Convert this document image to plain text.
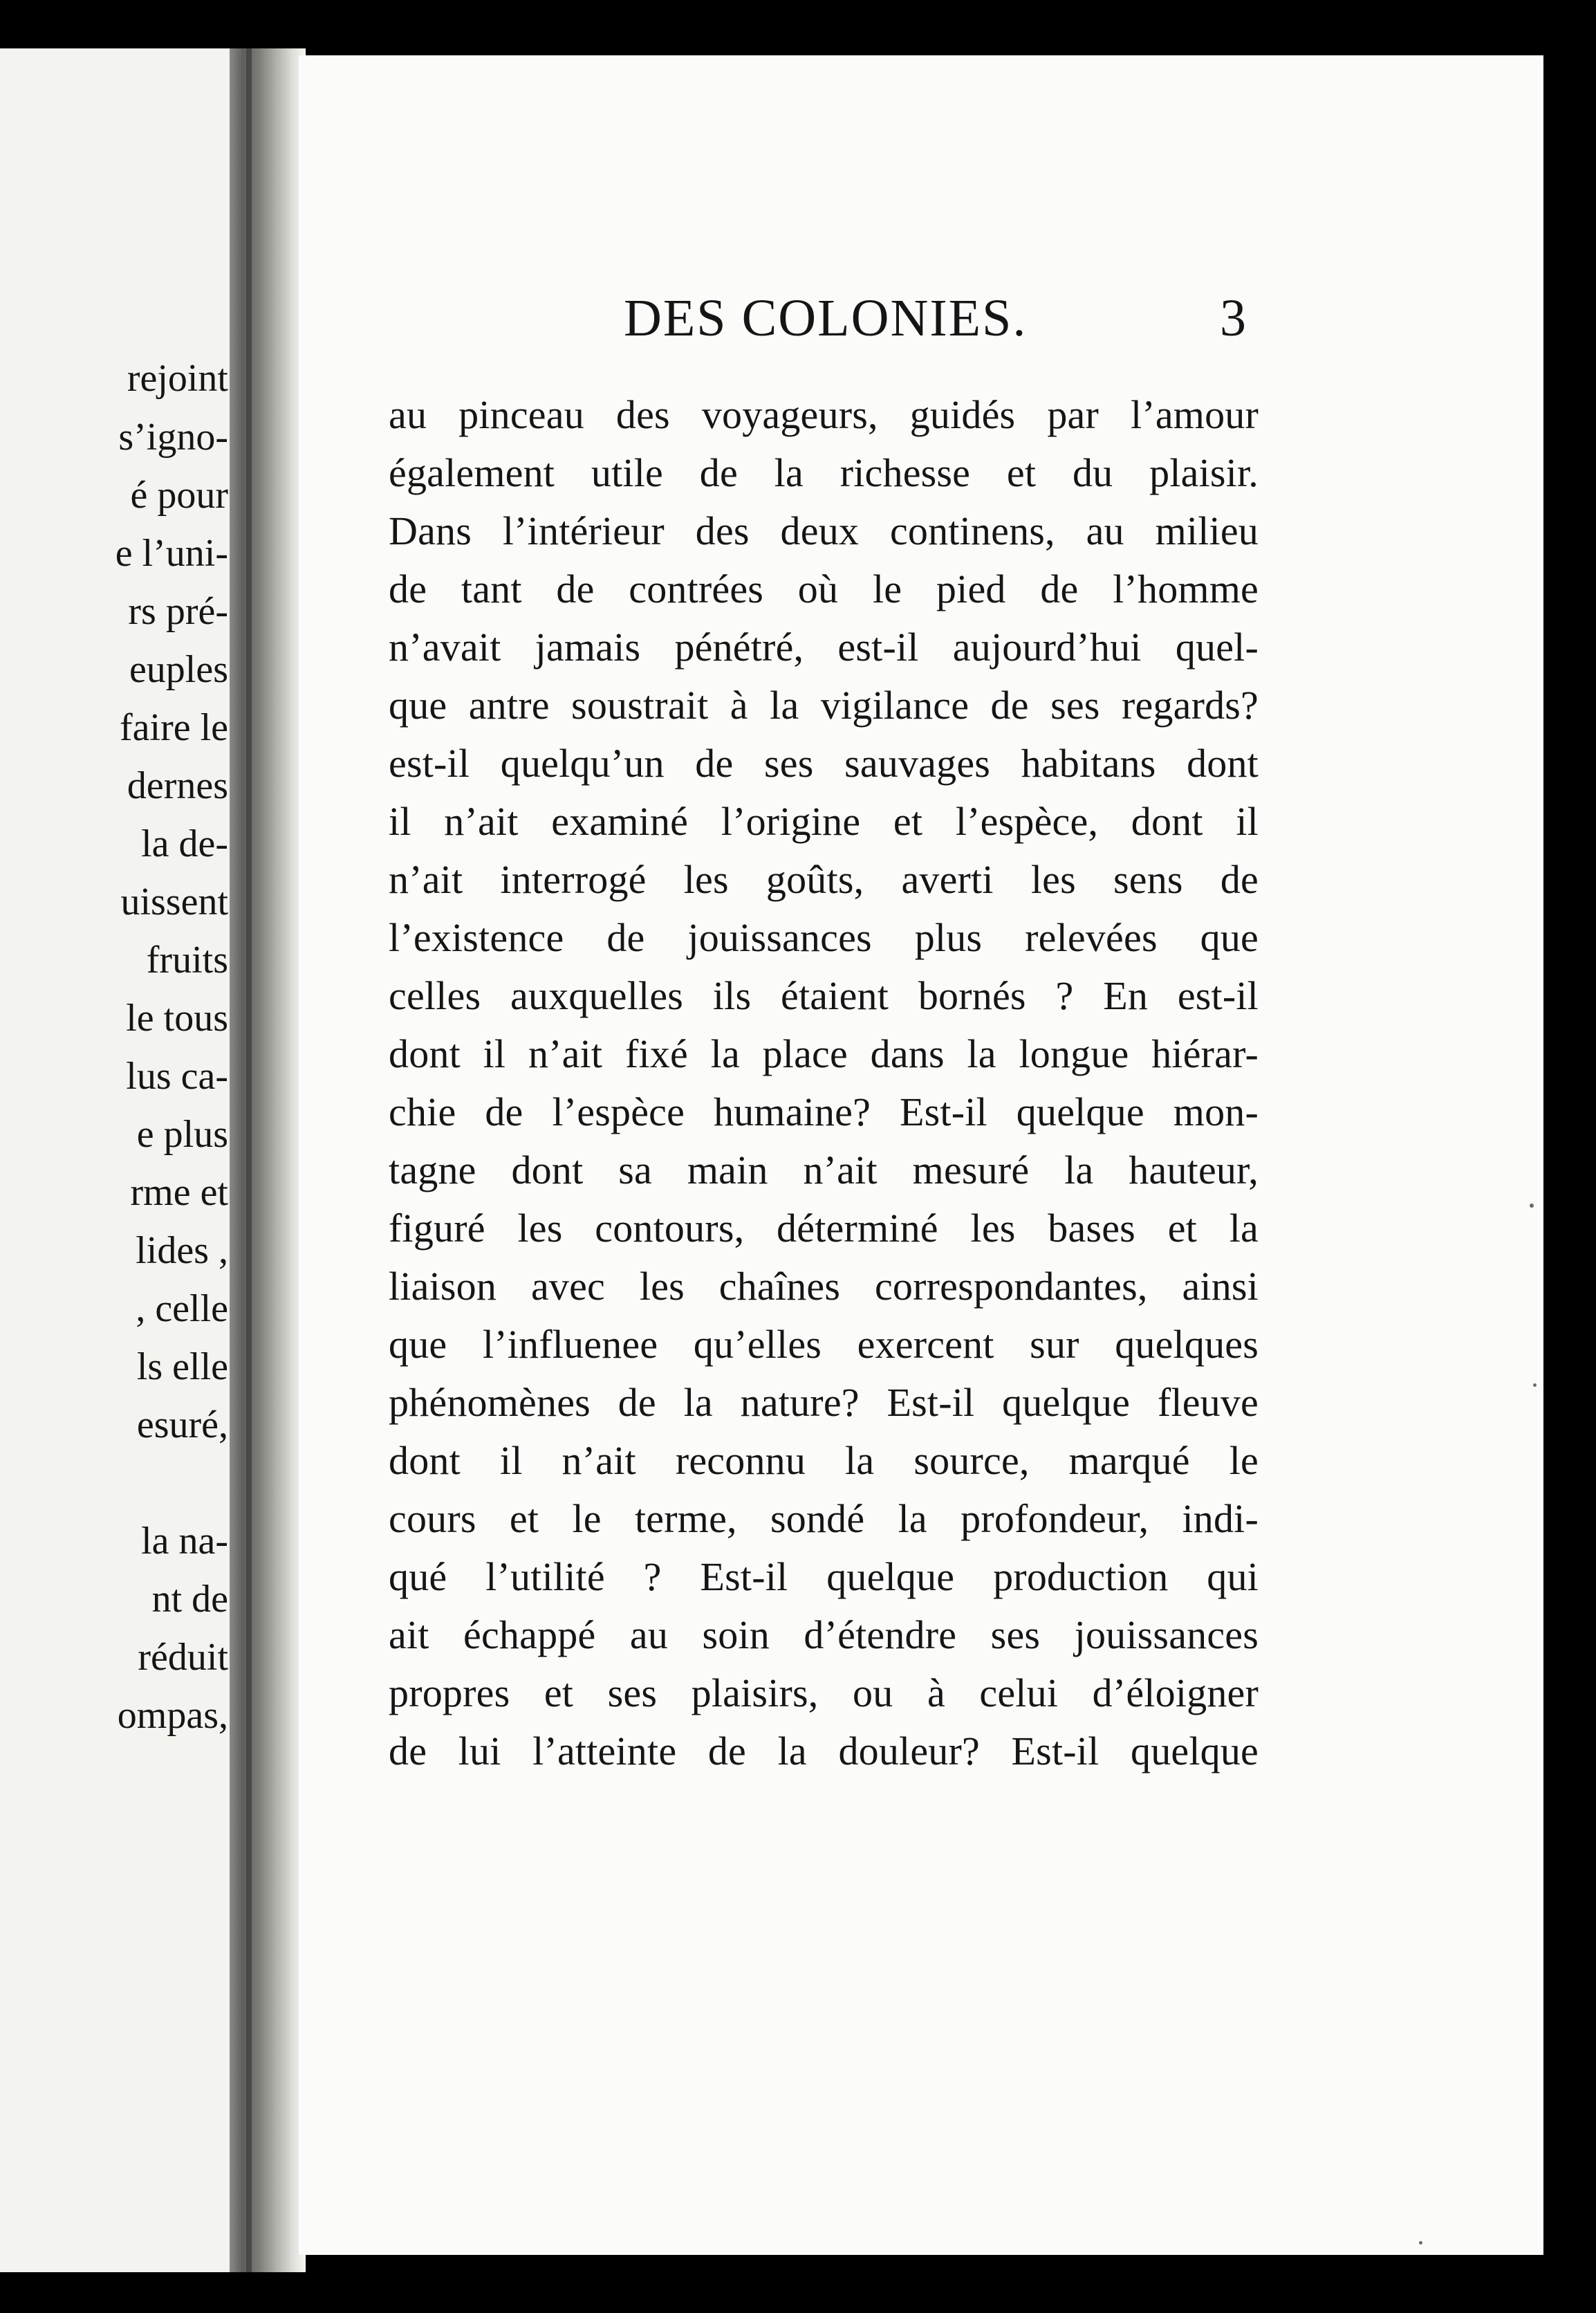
rejoint
s’igno-
é pour
e l’uni-
rs pré-
euples
faire le
dernes
la de-
uissent
fruits
le tous
lus ca-
e plus
rme et
lides ,
, celle
ls elle
esuré,
la na-
nt de
réduit
ompas,
DES COLONIES.	3
au pinceau des voyageurs, guidés par l’amour
également utile de la richesse et du plaisir.
Dans l’intérieur des deux continens, au milieu
de tant de contrées où le pied de l’homme
n’avait jamais pénétré, est-il aujourd’hui quel-
que antre soustrait à la vigilance de ses regards?
est-il quelqu’un de ses sauvages habitans dont
il n’ait examiné l’origine et l’espèce, dont il
n’ait interrogé les goûts, averti les sens de
l’existence de jouissances plus relevées que
celles auxquelles ils étaient bornés ? En est-il
dont il n’ait fixé la place dans la longue hiérar-
chie de l’espèce humaine? Est-il quelque mon-
tagne dont sa main n’ait mesuré la hauteur,
figuré les contours, déterminé les bases et la
liaison avec les chaînes correspondantes, ainsi
que l’influenee qu’elles exercent sur quelques
phénomènes de la nature? Est-il quelque fleuve
dont il n’ait reconnu la source, marqué le
cours et le terme, sondé la profondeur, indi-
qué l’utilité ? Est-il quelque production qui
ait échappé au soin d’étendre ses jouissances
propres et ses plaisirs, ou à celui d’éloigner
de lui l’atteinte de la douleur? Est-il quelque
